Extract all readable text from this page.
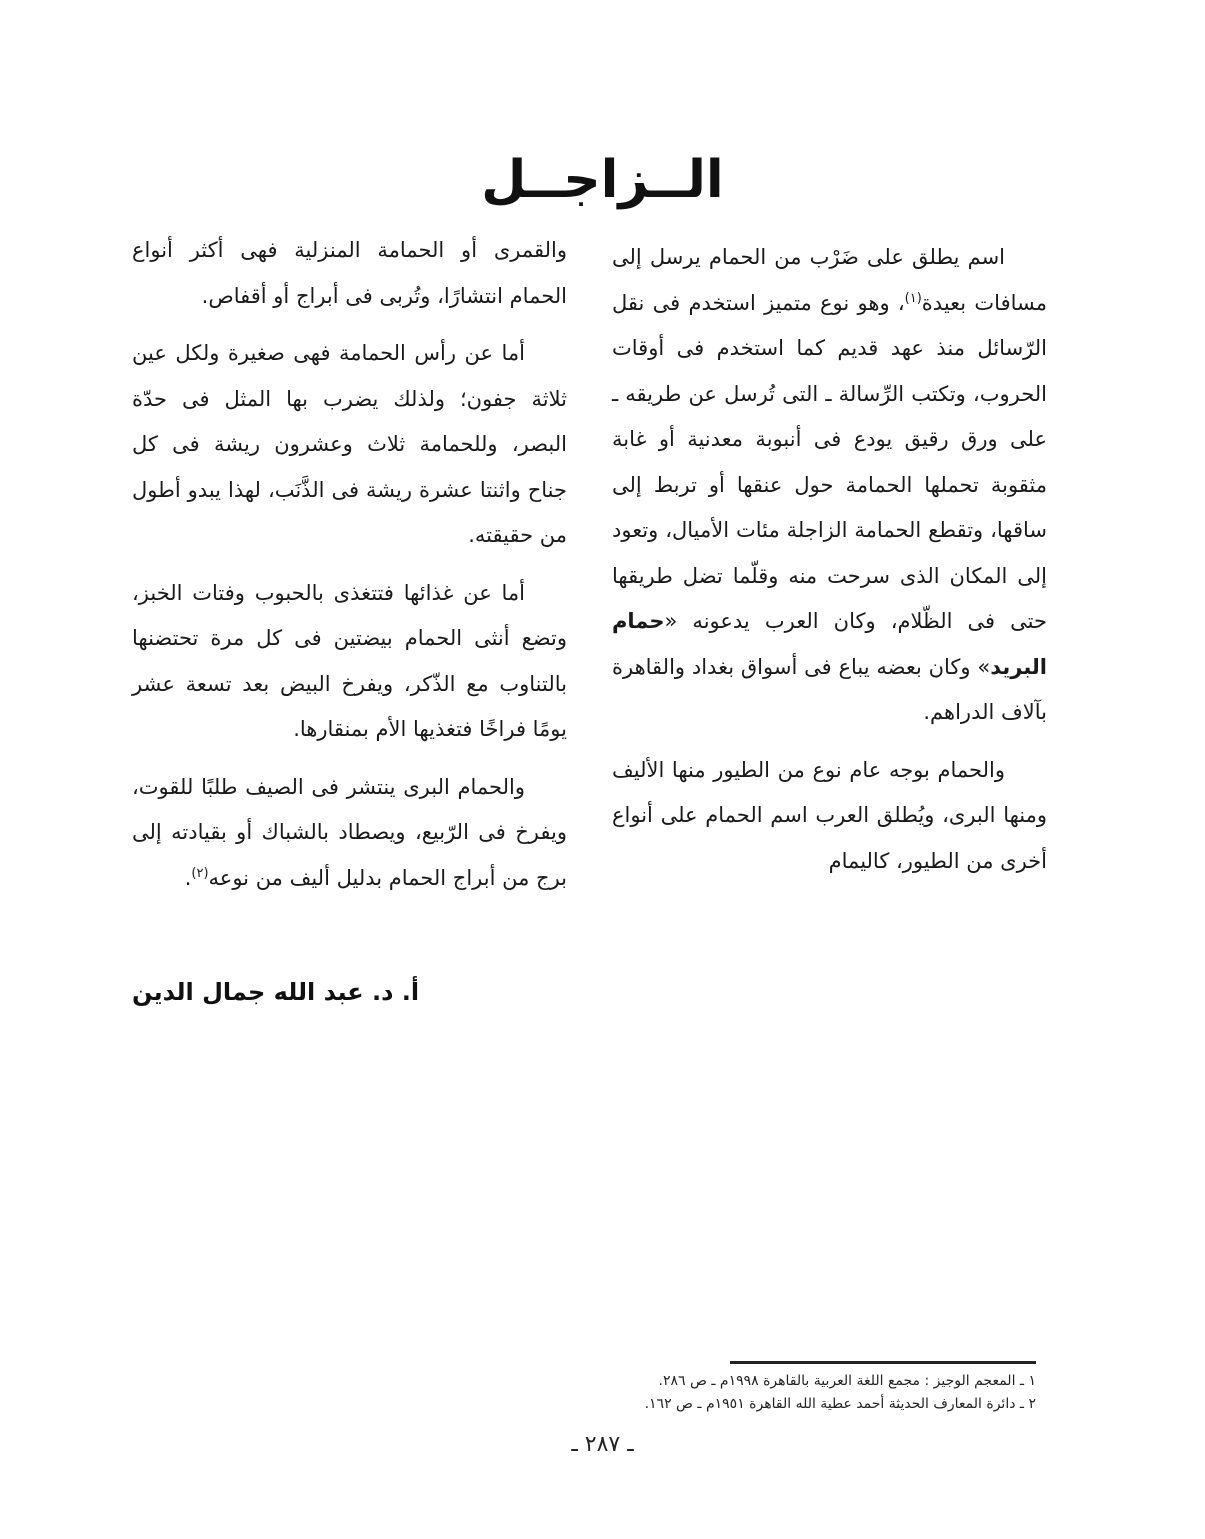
الــزاجــل

اسم يطلق على ضَرْب من الحمام يرسل إلى مسافات بعيدة$^{(١)}$، وهو نوع متميز استخدم فى نقل الرّسائل منذ عهد قديم كما استخدم فى أوقات الحروب، وتكتب الرِّسالة ـ التى تُرسل عن طريقه ـ على ورق رقيق يودع فى أنبوبة معدنية أو غابة مثقوبة تحملها الحمامة حول عنقها أو تربط إلى ساقها، وتقطع الحمامة الزاجلة مئات الأميال، وتعود إلى المكان الذى سرحت منه وقلّما تضل طريقها حتى فى الظّلام، وكان العرب يدعونه «حمام البريد» وكان بعضه يباع فى أسواق بغداد والقاهرة بآلاف الدراهم.

والحمام بوجه عام نوع من الطيور منها الأليف ومنها البرى، ويُطلق العرب اسم الحمام على أنواع أخرى من الطيور، كاليمام

والقمرى أو الحمامة المنزلية فهى أكثر أنواع الحمام انتشارًا، وتُربى فى أبراج أو أقفاص.

أما عن رأس الحمامة فهى صغيرة ولكل عين ثلاثة جفون؛ ولذلك يضرب بها المثل فى حدّة البصر، وللحمامة ثلاث وعشرون ريشة فى كل جناح واثنتا عشرة ريشة فى الذَّنَب، لهذا يبدو أطول من حقيقته.

أما عن غذائها فتتغذى بالحبوب وفتات الخبز، وتضع أنثى الحمام بيضتين فى كل مرة تحتضنها بالتناوب مع الذّكر، ويفرخ البيض بعد تسعة عشر يومًا فراخًا فتغذيها الأم بمنقارها.

والحمام البرى ينتشر فى الصيف طلبًا للقوت، ويفرخ فى الرّبيع، ويصطاد بالشباك أو بقيادته إلى برج من أبراج الحمام بدليل أليف من نوعه$^{(٢)}$.

أ. د. عبد الله جمال الدين
١ ـ المعجم الوجيز : مجمع اللغة العربية بالقاهرة ١٩٩٨م ـ ص ٢٨٦.
٢ ـ دائرة المعارف الحديثة أحمد عطية الله القاهرة ١٩٥١م ـ ص ١٦٢.
ـ ٢٨٧ ـ
